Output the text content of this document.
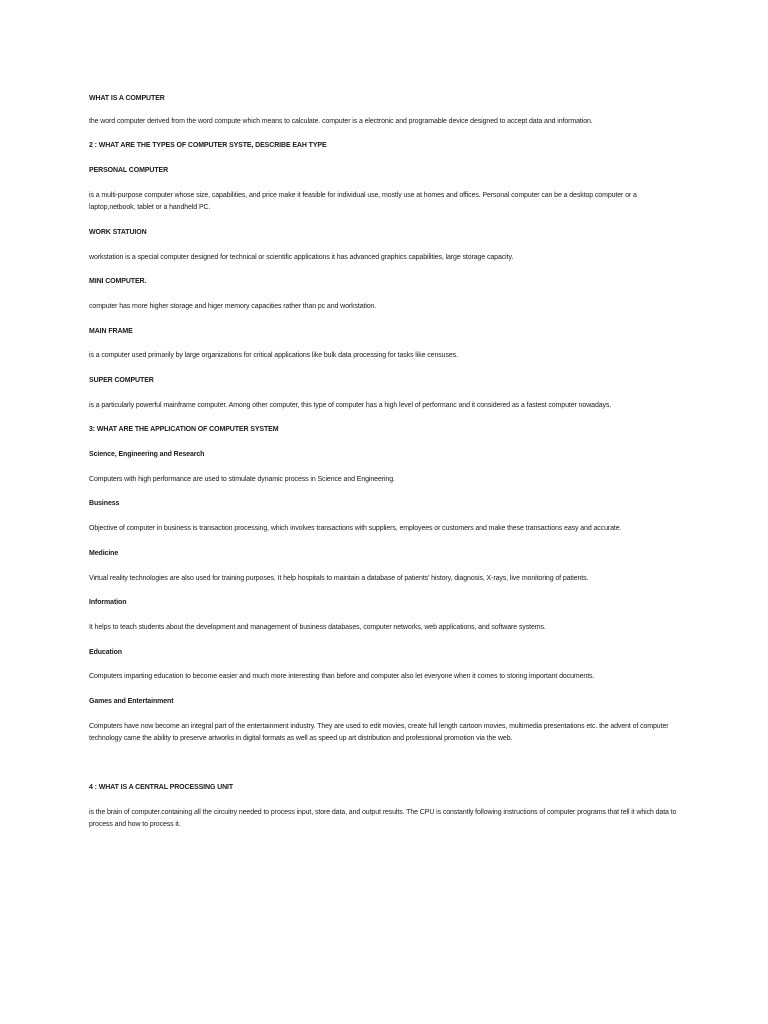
WHAT IS A COMPUTER
the word computer derived from the word compute which means to calculate. computer is a electronic and programable device designed to accept data and information.
2 : WHAT ARE THE TYPES OF COMPUTER SYSTE, DESCRIBE EAH TYPE
PERSONAL COMPUTER
is a multi-purpose computer whose size, capabilities, and price make it feasible for individual use, mostly use at homes and offices. Personal computer can be a desktop computer or a laptop,netbook, tablet or a handheld PC.
WORK STATUION
workstation is a special computer designed for technical or scientific applications it has advanced graphics capabilities, large storage capacity.
MINI COMPUTER.
computer has more higher storage and higer memory capacities rather than pc and workstation.
MAIN FRAME
is a computer used primarily by large organizations for critical applications like bulk data processing for tasks like censuses.
SUPER COMPUTER
is a particularly powerful mainframe computer. Among other computer, this type of computer has a high level of performanc and it considered as a fastest computer nowadays.
3: WHAT ARE THE APPLICATION OF COMPUTER SYSTEM
Science, Engineering and Research
Computers with high performance are used to stimulate dynamic process in Science and Engineering.
Business
Objective of computer in business is transaction processing, which involves transactions with suppliers, employees or customers and make these transactions easy and accurate.
Medicine
Virtual reality technologies are also used for training purposes. It help hospitals to maintain a database of patients’ history, diagnosis, X-rays, live monitoring of patients.
Information
It helps to teach students about the development and management of business databases, computer networks, web applications, and software systems.
Education
Computers imparting education to become easier and much more interesting than before and computer also let everyone when it comes to storing important documents.
Games and Entertainment
Computers have now become an integral part of the entertainment industry. They are used to edit movies, create full length cartoon movies, multimedia presentations etc. the advent of computer technology came the ability to preserve artworks in digital formats as well as speed up art distribution and professional promotion via the web.
4 : WHAT IS A CENTRAL PROCESSING UNIT
is the brain of computer.containing all the circuitry needed to process input, store data, and output results. The CPU is constantly following instructions of computer programs that tell it which data to process and how to process it.
